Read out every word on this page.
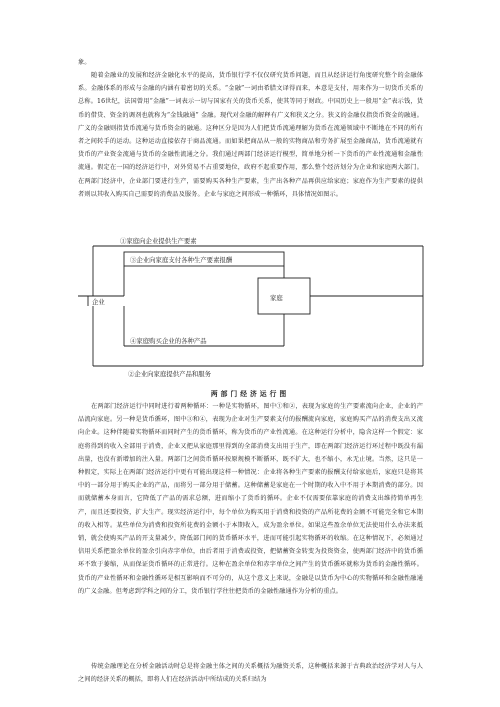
象。

随着金融业的发展和经济金融化水平的提高，货币银行学不仅仅研究货币问题，而且从经济运行角度研究整个的金融体系。金融体系的形成与金融的内涵有着密切的关系。“金融”一词由希腊文译得而来，本意是支付，用来作为一切货币关系的总称。16世纪，法国曾用“金融”一词表示一切与国家有关的货币关系，使其等同于财政。中国历史上一般用“金”表示钱，货币的借贷、资金的调剂也就称为“金钱融通” 金融。现代对金融的解释有广义和狭义之分。狭义的金融仅指货币资金的融通。广义的金融则指货币流通与货币资金的融通。这种区分是因为人们把货币流通理解为货币在流通领域中不断地在不同的所有者之间转手的运动。这种运动直接依存于商品流通。而如果把商品从一般的实物商品和劳务扩展至金融商品，货币流通就有货币的产业资金流通与货币的金融性流通之分。我们通过两部门经济运行模型，简单地分析一下货币的产业性流通和金融性流通。假定在一国的经济运行中，对外贸易不占重要地位，政府不起重要作用，那么整个经济划分为企业和家庭两大部门。在两部门经济中，企业部门要进行生产，需要购买各种生产要素，生产出各种产品再供应给家庭；家庭作为生产要素的提供者则以其收入购买自己需要的消费品及服务。企业与家庭之间形成一种循环，具体情况如图示。

①家庭向企业提供生产要素
③企业向家庭支付各种生产要素报酬
企业	家庭
④家庭购买企业的各种产品
②企业向家庭提供产品和服务
两部门经济运行图

在两部门经济运行中同时进行着两种循环：一种是实物循环，图中①和②，表现为家庭的生产要素流向企业，企业的产品流向家庭。另一种是货币循环，图中③和④，表现为企业对生产要素支付的报酬流向家庭，家庭购买产品的消费支出又流向企业。这种伴随着实物循环而同时产生的货币循环，称为货币的产业性流通。在这种运行分析中，隐含这样一个假定：家庭将得到的收入全部用于消费，企业又把从家庭那里得到的全部消费支出用于生产，即在两部门经济运行环过程中既没有漏出量，也没有新增加的注入量。两部门之间货币循环按原规模不断循环，既不扩大，也不缩小，永无止境。当然，这只是一种假定，实际上在两部门经济运行中更有可能出现这样一种情况：企业将各种生产要素的报酬支付给家庭后，家庭只是将其中的一部分用于购买企业的产品，而将另一部分用于储蓄。这种储蓄是家庭在一个时期的收入中不用于本期消费的部分。因而就储蓄本身而言，它降低了产品的需求总额，进而缩小了货币的循环。企业不仅需要依靠家庭的消费支出维持简单再生产，而且还要投资，扩大生产。现实经济运行中，每个单位为购买用于消费和投资的产品所花费的金额不可能完全和它本期的收入相等。某些单位为消费和投资所花费的金额小于本期收入，成为盈余单位。如果这些盈余单位无法使用什么办法来抵销，就会使购买产品的开支量减少，降低部门间的货币循环水平，进而可能引起实物循环的收缩。在这种情况下，必须通过信用关系把盈余单位的盈余引向赤字单位，由后者用于消费或投资，把储蓄资金转变为投资资金，使两部门经济中的货币循环不致于萎缩，从而保证货币循环的正常进行。这种在盈余单位和赤字单位之间产生的货币循环就称为货币的金融性循环。货币的产业性循环和金融性循环是相互影响而不可分的，从这个意义上来说，金融是以货币为中心的实物循环和金融性融通的广义金融。但考虑到学科之间的分工，货币银行学往往把货币的金融性融通作为分析的重点。

传统金融理论在分析金融活动时总是将金融主体之间的关系概括为融资关系，这种概括来源于古典政治经济学对人与人之间的经济关系的概括，即将人们在经济活动中所结成的关系归结为
